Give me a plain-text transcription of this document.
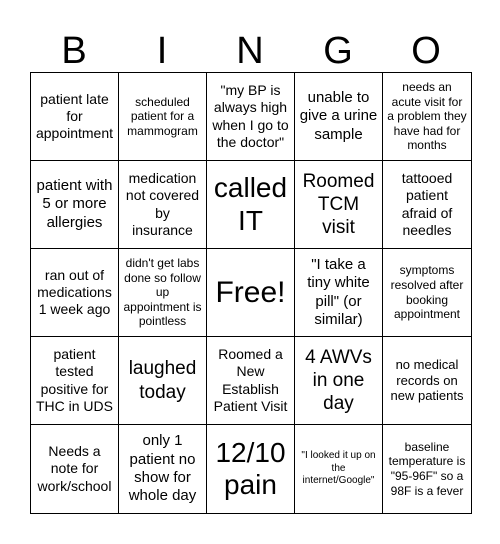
B	I	N	G	O
patient late for appointment
scheduled patient for a mammogram
"my BP is always high when I go to the doctor"
unable to give a urine sample
needs an acute visit for a problem they have had for months
patient with 5 or more allergies
medication not covered by insurance
called IT
Roomed TCM visit
tattooed patient afraid of needles
ran out of medications 1 week ago
didn't get labs done so follow up appointment is pointless
Free!
"I take a tiny white pill" (or similar)
symptoms resolved after booking appointment
patient tested positive for THC in UDS
laughed today
Roomed a New Establish Patient Visit
4 AWVs in one day
no medical records on new patients
Needs a note for work/school
only 1 patient no show for whole day
12/10 pain
"I looked it up on the internet/Google"
baseline temperature is "95-96F" so a 98F is a fever
